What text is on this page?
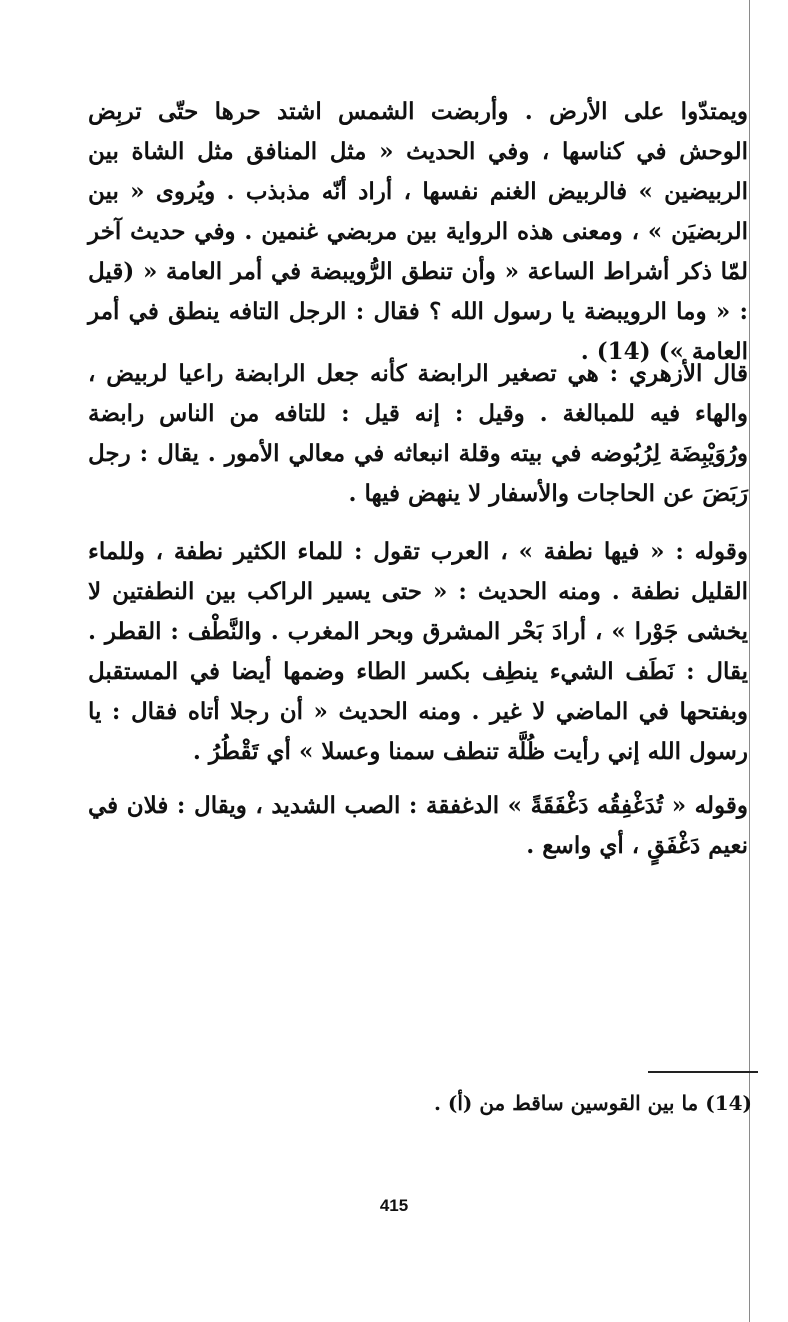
ويمتدّوا على الأرض . وأربضت الشمس اشتد حرها حتّى تربِض الوحش في كناسها ، وفي الحديث « مثل المنافق مثل الشاة بين الربيضين » فالربيض الغنم نفسها ، أراد أنّه مذبذب . ويُروى « بين الربضيَن » ، ومعنى هذه الرواية بين مربضي غنمين . وفي حديث آخر لمّا ذكر أشراط الساعة « وأن تنطق الرُّويبضة في أمر العامة « (قيل : « وما الرويبضة يا رسول الله ؟ فقال : الرجل التافه ينطق في أمر العامة ») (14) .
قال الأزهري : هي تصغير الرابضة كأنه جعل الرابضة راعيا لربيض ، والهاء فيه للمبالغة . وقيل : إنه قيل : للتافه من الناس رابضة ورُوَيْبِضَة لِرُبُوضه في بيته وقلة انبعاثه في معالي الأمور . يقال : رجل رَبَضَ عن الحاجات والأسفار لا ينهض فيها .
وقوله : « فيها نطفة » ، العرب تقول : للماء الكثير نطفة ، وللماء القليل نطفة . ومنه الحديث : « حتى يسير الراكب بين النطفتين لا يخشى جَوْرا » ، أرادَ بَحْر المشرق وبحر المغرب . والنَّطْف : القطر . يقال : نَطَف الشيء ينطِف بكسر الطاء وضمها أيضا في المستقبل وبفتحها في الماضي لا غير . ومنه الحديث « أن رجلا أتاه فقال : يا رسول الله إني رأيت ظُلَّة تنطف سمنا وعسلا » أي تَقْطُرُ .
وقوله « تُدَغْفِقُه دَغْفَقَةً » الدغفقة : الصب الشديد ، ويقال : فلان في نعيم دَغْفَقٍ ، أي واسع .
(14) ما بين القوسين ساقط من (أ) .
415
